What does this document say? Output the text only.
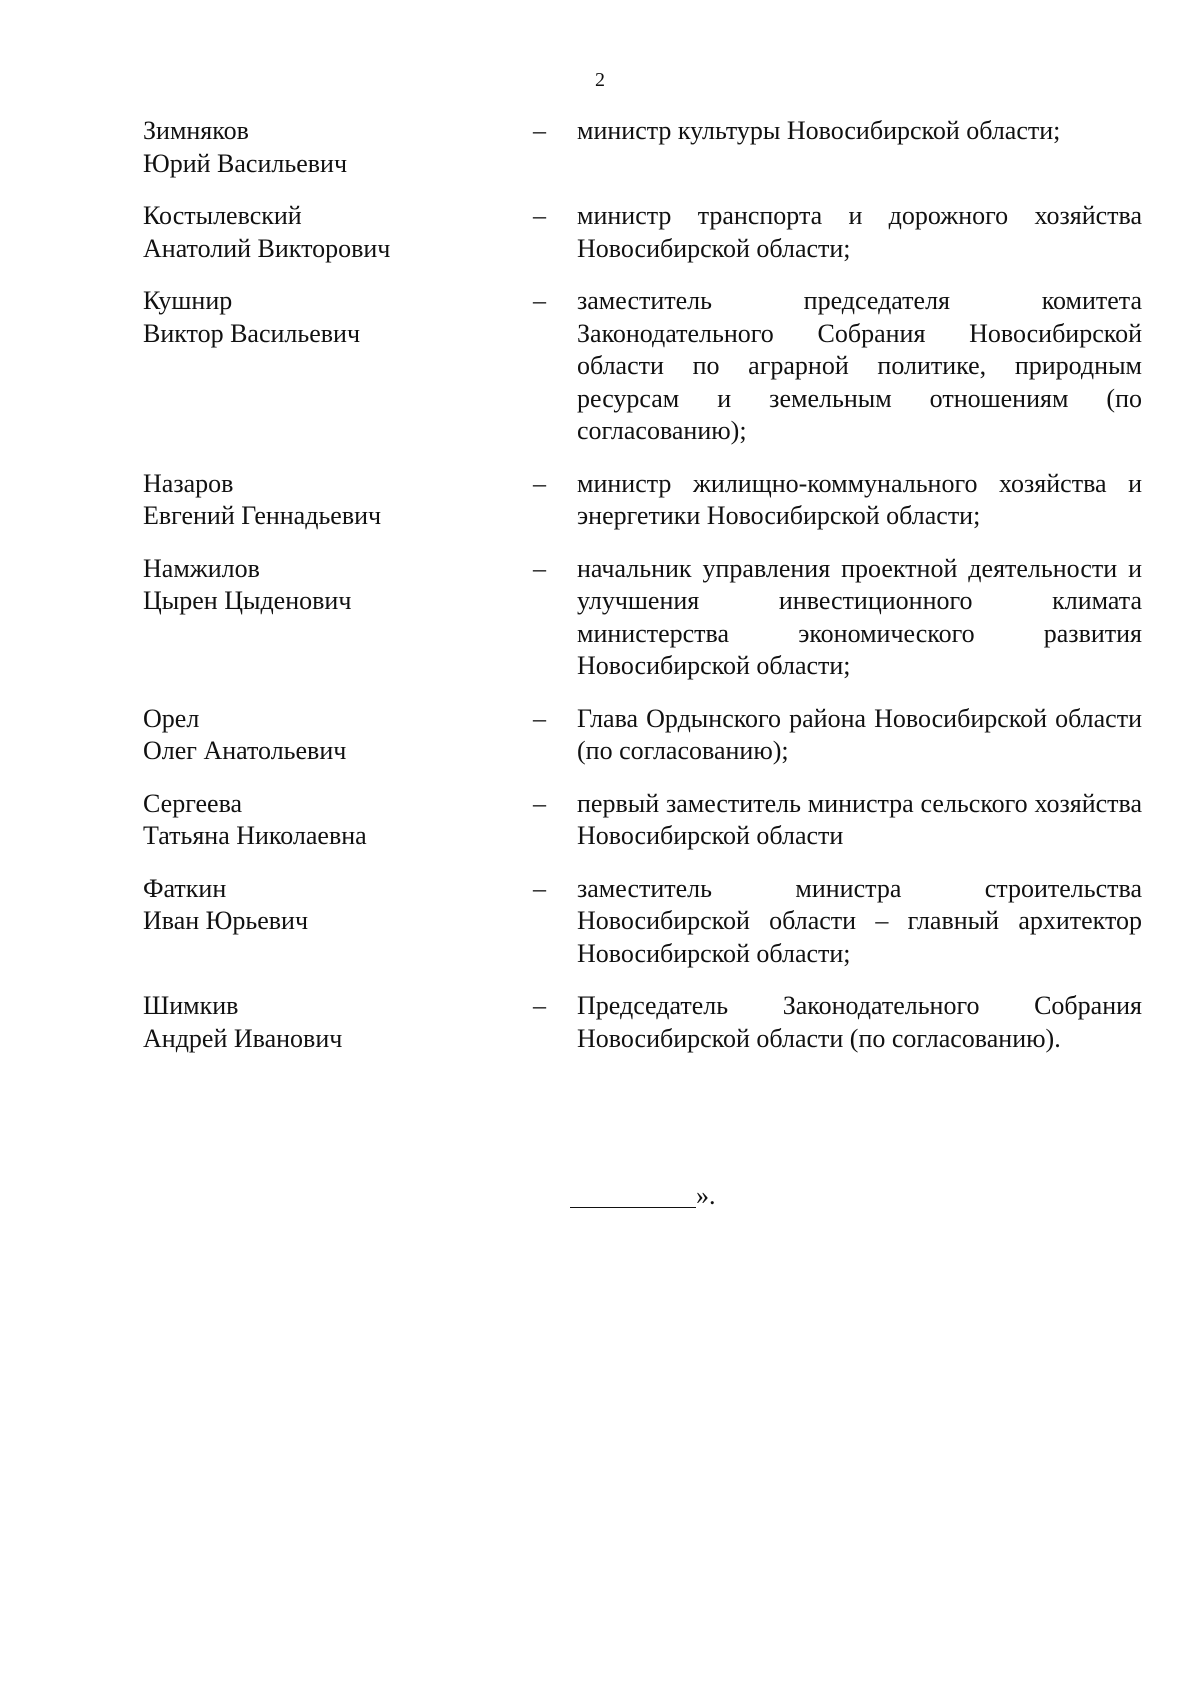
2
Зимняков
Юрий Васильевич
–	министр культуры Новосибирской области;
Костылевский
Анатолий Викторович
–	министр транспорта и дорожного хозяйства Новосибирской области;
Кушнир
Виктор Васильевич
–	заместитель председателя комитета Законодательного Собрания Новосибирской области по аграрной политике, природным ресурсам и земельным отношениям (по согласованию);
Назаров
Евгений Геннадьевич
–	министр жилищно-коммунального хозяйства и энергетики Новосибирской области;
Намжилов
Цырен Цыденович
–	начальник управления проектной деятельности и улучшения инвестиционного климата министерства экономического развития Новосибирской области;
Орел
Олег Анатольевич
–	Глава Ордынского района Новосибирской области (по согласованию);
Сергеева
Татьяна Николаевна
–	первый заместитель министра сельского хозяйства Новосибирской области
Фаткин
Иван Юрьевич
–	заместитель министра строительства Новосибирской области – главный архитектор Новосибирской области;
Шимкив
Андрей Иванович
–	Председатель Законодательного Собрания Новосибирской области (по согласованию).
».
